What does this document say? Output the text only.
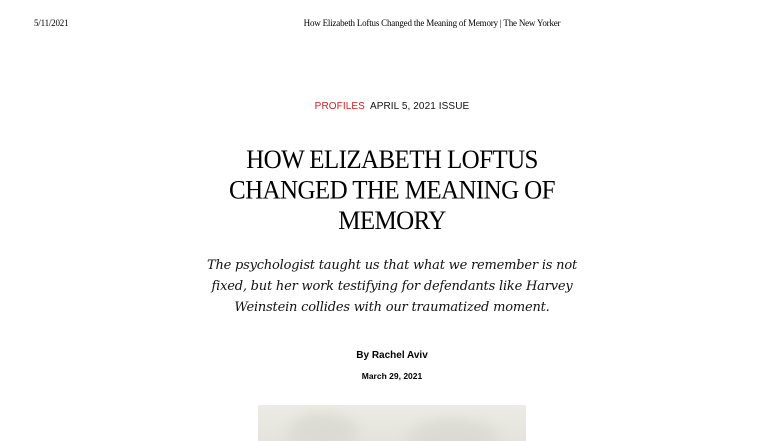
5/11/2021	How Elizabeth Loftus Changed the Meaning of Memory | The New Yorker
PROFILES APRIL 5, 2021 ISSUE
HOW ELIZABETH LOFTUS
CHANGED THE MEANING OF
MEMORY

The psychologist taught us that what we remember is not
fixed, but her work testifying for defendants like Harvey
Weinstein collides with our traumatized moment.

By Rachel Aviv
March 29, 2021
